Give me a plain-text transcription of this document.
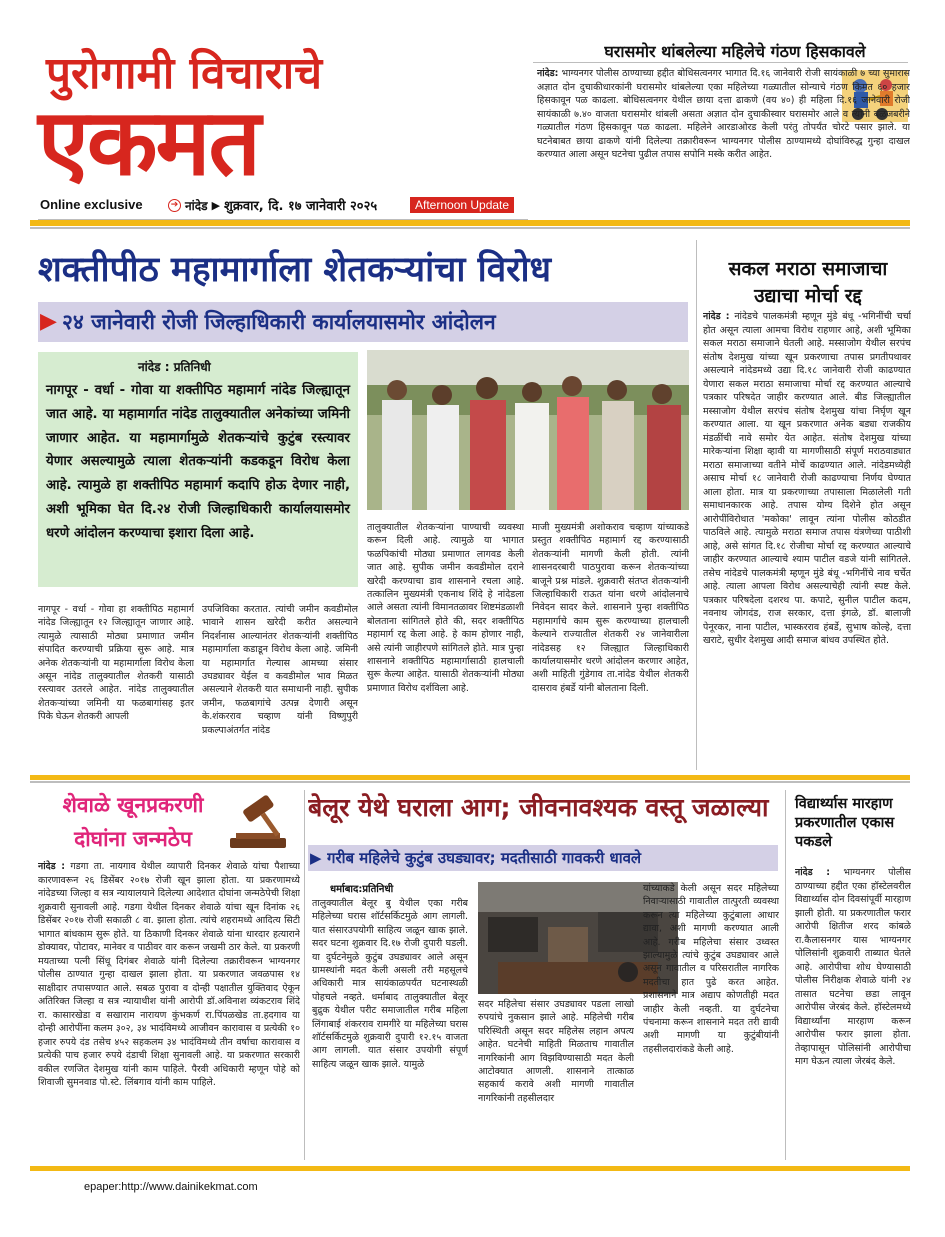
पुरोगामी विचाराचे
एकमत
Online exclusive	➔ नांदेड ▶ शुक्रवार, दि. १७ जानेवारी २०२५	Afternoon Update
घरासमोर थांबलेल्या महिलेचे गंठण हिसकावले
नांदेड: भाग्यनगर पोलीस ठाण्याच्या हद्दीत बोधिसत्वनगर भागात दि.१६ जानेवारी रोजी सायंकाळी ७ च्या सुमारास अज्ञात दोन दुचाकीधारकांनी घरासमोर थांबलेल्या एका महिलेच्या गळ्यातील सोन्याचे गंठण किमत ६० हजार हिसकावून पळ काढला. बोधिसत्वनगर येथील छाया दत्ता ढाकणे (वय ४०) ही महिला दि.१६ जानेवारी रोजी सायंकाळी ७.४० वाजता घरासमोर थांबली असता अज्ञात दोन दुचाकीस्वार घरासमोर आले व त्यांनी बळजबरीने गळ्यातील गंठण हिसकावून पळ काढला. महिलेने आरडाओरड केली परंतु तोपर्यंत चोरटे पसार झाले. या घटनेबाबत छाया ढाकणे यांनी दिलेल्या तक्रारीवरून भाग्यनगर पोलीस ठाण्यामध्ये दोघांविरुद्ध गुन्हा दाखल करण्यात आला असून घटनेचा पुढील तपास सपोनि मस्के करीत आहेत.
शक्तीपीठ महामार्गाला शेतकऱ्यांचा विरोध
▶ २४ जानेवारी रोजी जिल्हाधिकारी कार्यालयासमोर आंदोलन
नांदेड : प्रतिनिधी
नागपूर - वर्धा - गोवा या शक्तीपिठ महामार्ग नांदेड जिल्ह्यातून जात आहे. या महामार्गात नांदेड तालुक्यातील अनेकांच्या जमिनी जाणार आहेत. या महामार्गामुळे शेतकऱ्यांचे कुटुंब रस्त्यावर येणार असल्यामुळे त्याला शेतकऱ्यांनी कडकडून विरोध केला आहे. त्यामुळे हा शक्तीपिठ महामार्ग कदापि होऊ देणार नाही, अशी भूमिका घेत दि.२४ रोजी जिल्हाधिकारी कार्यालयासमोर धरणे आंदोलन करण्याचा इशारा दिला आहे.
नागपूर - वर्धा - गोवा हा शक्तीपिठ महामार्ग नांदेड जिल्ह्यातून १२ जिल्ह्यातून जाणार आहे. त्यामुळे त्यासाठी मोठ्या प्रमाणात जमीन संपादित करण्याची प्रक्रिया सुरू आहे. मात्र अनेक शेतकऱ्यांनी या महामार्गाला विरोध केला असून नांदेड तालुक्यातील शेतकरी यासाठी रस्त्यावर उतरले आहेत. नांदेड तालुक्यातील शेतकऱ्यांच्या जमिनी या फळबागांसह इतर पिके घेऊन शेतकरी आपली
उपजिविका करतात. त्यांची जमीन कवडीमोल भावाने शासन खरेदी करीत असल्याने निदर्शनास आल्यानंतर शेतकऱ्यांनी शक्तीपिठ महामार्गाला कडाडून विरोध केला आहे. जमिनी या महामार्गात गेल्यास आमच्या संसार उघड्यावर येईल व कवडीमोल भाव मिळत असल्याने शेतकरी यात समाधानी नाही. सुपीक जमीन, फळबागांचे उत्पन्न देणारी असून के.शंकरराव चव्हाण यांनी विष्णुपुरी प्रकल्पाअंतर्गत नांदेड
तालुक्यातील शेतकऱ्यांना पाण्याची व्यवस्था करून दिली आहे. त्यामुळे या भागात फळपिकांची मोठ्या प्रमाणात लागवड केली जात आहे. सुपीक जमीन कवडीमोल दराने खरेदी करण्याचा डाव शासनाने रचला आहे. तत्कालिन मुख्यमंत्री एकनाथ शिंदे हे नांदेडला आले असता त्यांनी विमानतळावर शिष्टमंडळाशी बोलताना सांगितले होते की, सदर शक्तीपिठ महामार्ग रद्द केला आहे. हे काम होणार नाही, असे त्यांनी जाहीरपणे सांगितले होते. मात्र पुन्हा शासनाने शक्तीपिठ महामार्गासाठी हालचाली सुरू केल्या आहेत. यासाठी शेतकऱ्यांनी मोठ्या प्रमाणात विरोध दर्शविला आहे.
माजी मुख्यमंत्री अशोकराव चव्हाण यांच्याकडे प्रस्तुत शक्तीपिठ महामार्ग रद्द करण्यासाठी शेतकऱ्यांनी मागणी केली होती. त्यांनी शासनदरबारी पाठपुरावा करून शेतकऱ्यांच्या बाजूने प्रश्न मांडले. शुक्रवारी संतप्त शेतकऱ्यांनी जिल्हाधिकारी राऊत यांना धरणे आंदोलनाचे निवेदन सादर केले. शासनाने पुन्हा शक्तीपिठ महामार्गाचे काम सुरू करण्याच्या हालचाली केल्याने राज्यातील शेतकरी २४ जानेवारीला नांदेडसह १२ जिल्ह्यात जिल्हाधिकारी कार्यालयासमोर धरणे आंदोलन करणार आहेत, अशी माहिती गुंडेगाव ता.नांदेड येथील शेतकरी दासराव हंबर्डे यांनी बोलताना दिली.
सकल मराठा समाजाचा
उद्याचा मोर्चा रद्द
नांदेड : नांदेडचे पालकमंत्री म्हणून मुंडे बंधू -भगिनींची चर्चा होत असून त्याला आमचा विरोध राहणार आहे, अशी भूमिका सकल मराठा समाजाने घेतली आहे. मस्साजोग येथील सरपंच संतोष देशमुख यांच्या खून प्रकरणाचा तपास प्रगतीपथावर असल्याने नांदेडमध्ये उद्या दि.१८ जानेवारी रोजी काढण्यात येणारा सकल मराठा समाजाचा मोर्चा रद्द करण्यात आल्याचे पत्रकार परिषदेत जाहीर करण्यात आले. बीड जिल्ह्यातील मस्साजोग येथील सरपंच संतोष देशमुख यांचा निर्घृण खून करण्यात आला. या खून प्रकरणात अनेक बड्या राजकीय मंडळींची नावे समोर येत आहेत. संतोष देशमुख यांच्या मारेकऱ्यांना शिक्षा व्हावी या मागणीसाठी संपूर्ण मराठवाड्यात मराठा समाजाच्या वतीने मोर्चे काढण्यात आले. नांदेडमध्येही असाच मोर्चा १८ जानेवारी रोजी काढण्याचा निर्णय घेण्यात आला होता. मात्र या प्रकरणाच्या तपासाला मिळालेली गती समाधानकारक आहे. तपास योग्य दिशेने होत असून आरोपींविरोधात 'मकोका' लावून त्यांना पोलीस कोठडीत पाठविले आहे. त्यामुळे मराठा समाज तपास यंत्रणेच्या पाठीशी आहे, असे सांगत दि.१८ रोजीचा मोर्चा रद्द करण्यात आल्याचे जाहीर करण्यात आल्याचे श्याम पाटील वडजे यांनी सांगितले. तसेच नांदेडचे पालकमंत्री म्हणून मुंडे बंधू -भगिनींचे नाव चर्चेत आहे. त्याला आपला विरोध असल्याचेही त्यांनी स्पष्ट केले. पत्रकार परिषदेला दशरथ पा. कपाटे, सुनील पाटील कदम, नवनाथ जोगदंड, राज सरकार, दत्ता इंगळे, डॉ. बालाजी पेनूरकर, नाना पाटील, भास्करराव हंबर्डे, सुभाष कोल्हे, दत्ता खराटे, सुधीर देशमुख आदी समाज बांधव उपस्थित होते.
शेवाळे खूनप्रकरणी
दोघांना जन्मठेप
नांदेड : गडगा ता. नायगाव येथील व्यापारी दिनकर शेवाळे यांचा पैशाच्या कारणावरून २६ डिसेंबर २०१७ रोजी खून झाला होता. या प्रकरणामध्ये नांदेडच्या जिल्हा व सत्र न्यायालयाने दिलेल्या आदेशात दोघांना जन्मठेपेची शिक्षा शुक्रवारी सुनावली आहे. गडगा येथील दिनकर शेवाळे यांचा खून दिनांक २६ डिसेंबर २०१७ रोजी सकाळी ८ वा. झाला होता. त्यांचे शहरामध्ये आदित्य सिटी भागात बांधकाम सुरू होते. या ठिकाणी दिनकर शेवाळे यांना धारदार हत्याराने डोक्यावर, पोटावर, मानेवर व पाठीवर वार करून जखमी ठार केले. या प्रकरणी मयताच्या पत्नी सिंधू दिगंबर शेवाळे यांनी दिलेल्या तक्रारीवरून भाग्यनगर पोलीस ठाण्यात गुन्हा दाखल झाला होता. या प्रकरणात जवळपास १४ साक्षीदार तपासण्यात आले. सबळ पुरावा व दोन्ही पक्षातील युक्तिवाद ऐकून अतिरिक्त जिल्हा व सत्र न्यायाधीश यांनी आरोपी डॉ.अविनाश व्यंकटराव शिंदे रा. कासारखेडा व सखाराम नारायण कुंभकर्ण रा.पिंपळखेड ता.हदगाव या दोन्ही आरोपींना कलम ३०२, ३४ भादंविमध्ये आजीवन कारावास व प्रत्येकी १० हजार रुपये दंड तसेच ४५२ सहकलम ३४ भादंविमध्ये तीन वर्षाचा कारावास व प्रत्येकी पाच हजार रुपये दंडाची शिक्षा सुनावली आहे. या प्रकरणात सरकारी वकील रणजित देशमुख यांनी काम पाहिले. पैरवी अधिकारी म्हणून पोहे को शिवाजी सुमनवाड पो.स्टे. लिंबगाव यांनी काम पाहिले.
बेलूर येथे घराला आग; जीवनावश्यक वस्तू जळाल्या
▶ गरीब महिलेचे कुटुंब उघड्यावर; मदतीसाठी गावकरी धावले
धर्माबाद:प्रतिनिधी
तालुक्यातील बेलूर बु येथील एका गरीब महिलेच्या घरास शॉर्टसर्किटमुळे आग लागली. यात संसारउपयोगी साहित्य जळून खाक झाले. सदर घटना शुक्रवार दि.१७ रोजी दुपारी घडली. या दुर्घटनेमुळे कुटुंब उघड्यावर आले असून ग्रामस्थांनी मदत केली असली तरी महसूलचे अधिकारी मात्र सायंकाळपर्यंत घटनास्थळी पोहचले नव्हते. धर्माबाद तालुक्यातील बेलूर बुद्रुक येथील परीट समाजातील गरीब महिला लिंगाबाई शंकरराव रामगीरे या महिलेच्या घरास शॉर्टसर्किटमुळे शुक्रवारी दुपारी १२.१५ वाजता आग लागली. यात संसार उपयोगी संपूर्ण साहित्य जळून खाक झाले. यामुळे
सदर महिलेचा संसार उघड्यावर पडला लाखो रुपयांचे नुकसान झाले आहे. महिलेची गरीब परिस्थिती असून सदर महिलेस लहान अपत्य आहेत. घटनेची माहिती मिळताच गावातील नागरिकांनी आग विझविण्यासाठी मदत केली आटोक्यात आणली. शासनाने तात्काळ सहकार्य करावे अशी मागणी गावातील नागरिकांनी तहसीलदार
यांच्याकडे केली असून सदर महिलेच्या निवाऱ्यासाठी गावातील तात्पुरती व्यवस्था करून त्या महिलेच्या कुटुंबाला आधार द्यावा, अशी मागणी करण्यात आली आहे. गरीब महिलेचा संसार उध्वस्त झाल्यामुळे त्यांचे कुटुंब उघड्यावर आले असून गावातील व परिसरातील नागरिक मदतीचा हात पुढे करत आहेत. प्रशासनाने मात्र अद्याप कोणतीही मदत जाहीर केली नव्हती. या दुर्घटनेचा पंचनामा करून शासनाने मदत तरी द्यावी अशी मागणी या कुटुंबीयांनी तहसीलदारांकडे केली आहे.
विद्यार्थ्यास मारहाण प्रकरणातील एकास पकडले
नांदेड : भाग्यनगर पोलीस ठाण्याच्या हद्दीत एका हॉस्टेलवरील विद्यार्थ्यास दोन दिवसांपूर्वी मारहाण झाली होती. या प्रकरणातील फरार आरोपी क्षितीज शरद कांबळे रा.कैलासनगर यास भाग्यनगर पोलिसांनी शुक्रवारी ताब्यात घेतले आहे. आरोपीचा शोध घेण्यासाठी पोलीस निरीक्षक शेवाळे यांनी २४ तासात घटनेचा छडा लावून आरोपीस जेरबंद केले. हॉस्टेलमध्ये विद्यार्थ्यांना मारहाण करून आरोपीस फरार झाला होता. तेव्हापासून पोलिसांनी आरोपीचा माग घेऊन त्याला जेरबंद केले.
epaper:http://www.dainikekmat.com
